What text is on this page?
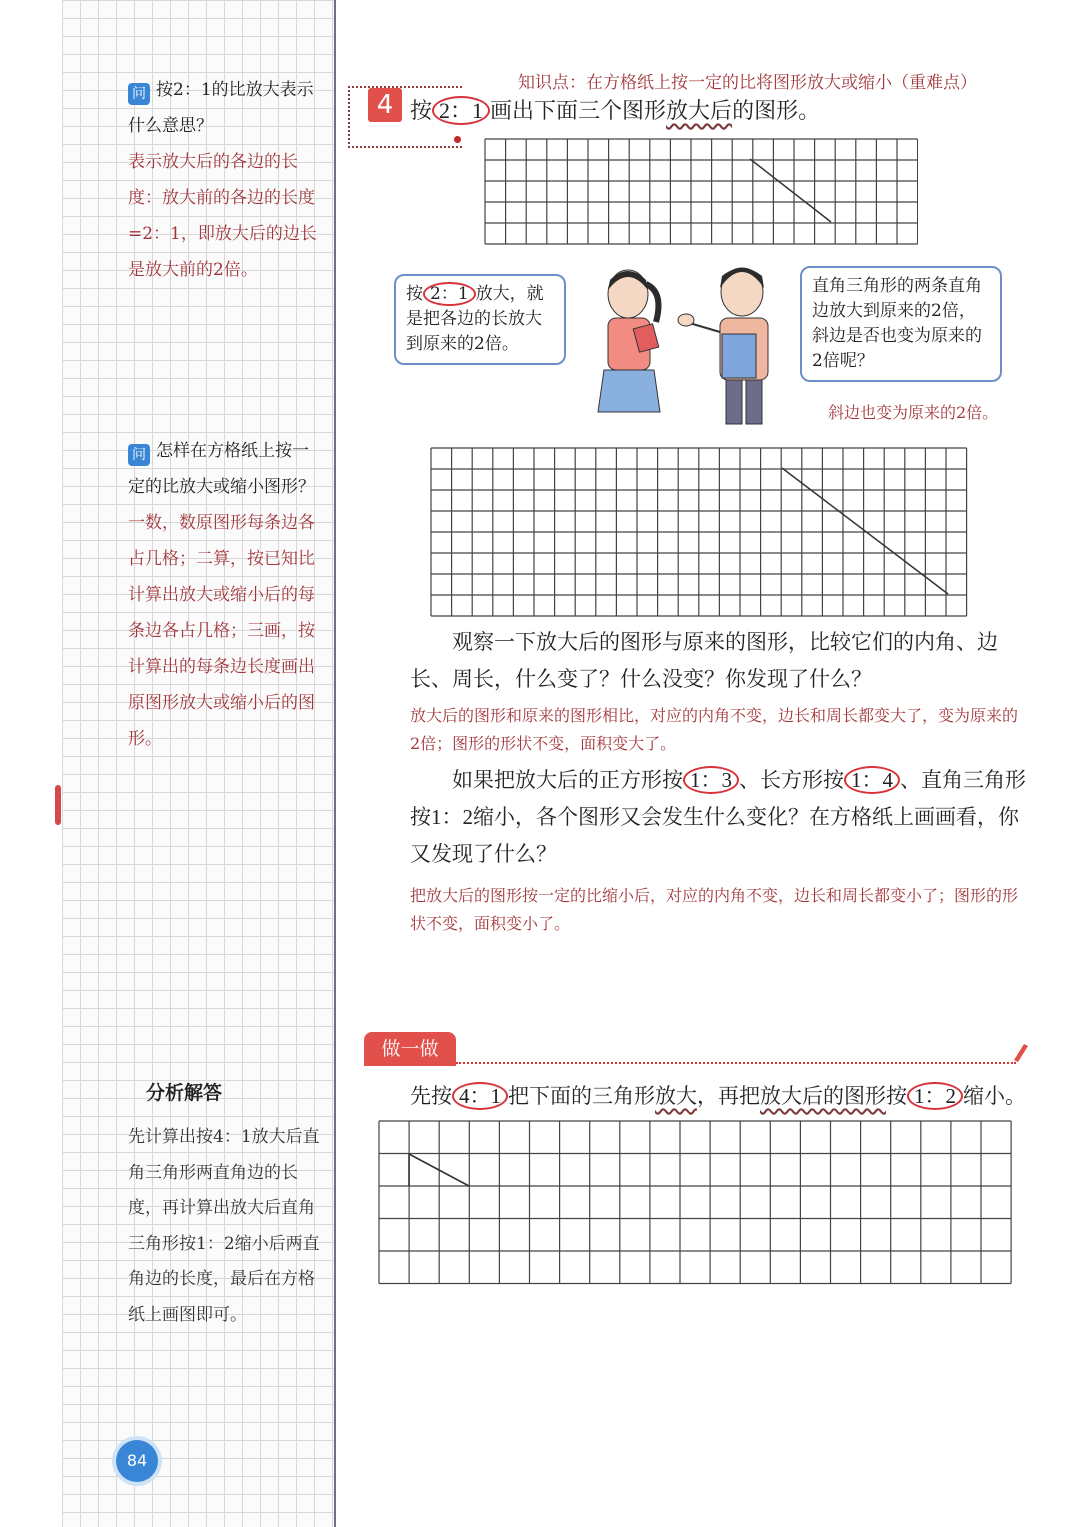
问 按2：1的比放大表示什么意思？
表示放大后的各边的长度：放大前的各边的长度=2：1，即放大后的边长是放大前的2倍。
问 怎样在方格纸上按一定的比放大或缩小图形？
一数，数原图形每条边各占几格；二算，按已知比计算出放大或缩小后的每条边各占几格；三画，按计算出的每条边长度画出原图形放大或缩小后的图形。
分析解答
先计算出按4：1放大后直角三角形两直角边的长度，再计算出放大后直角三角形按1：2缩小后两直角边的长度，最后在方格纸上画图即可。
84
知识点：在方格纸上按一定的比将图形放大或缩小（重难点）
4 按 2：1 画出下面三个图形放大后的图形。
按 2：1 放大，就是把各边的长放大到原来的2倍。
直角三角形的两条直角边放大到原来的2倍，斜边是否也变为原来的2倍呢？
斜边也变为原来的2倍。
观察一下放大后的图形与原来的图形，比较它们的内角、边长、周长，什么变了？什么没变？你发现了什么？
放大后的图形和原来的图形相比，对应的内角不变，边长和周长都变大了，变为原来的2倍；图形的形状不变，面积变大了。
如果把放大后的正方形按 1：3 、长方形按 1：4 、直角三角形按1：2缩小，各个图形又会发生什么变化？在方格纸上画画看，你又发现了什么？
把放大后的图形按一定的比缩小后，对应的内角不变，边长和周长都变小了；图形的形状不变，面积变小了。
做一做
先按 4：1 把下面的三角形放大，再把放大后的图形按 1：2 缩小。
